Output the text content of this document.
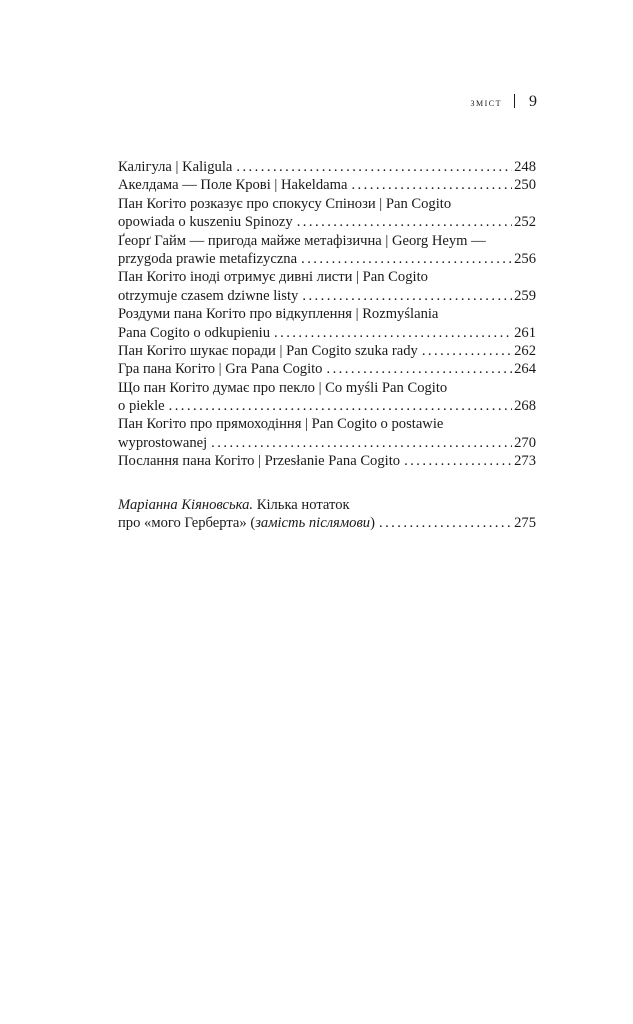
зміст 9
Калігула | Kaligula . . .	248
Акелдама — Поле Крові | Hakeldama . . .	250
Пан Когіто розказує про спокусу Спінози | Pan Cogito
opowiada o kuszeniu Spinozy . . .	252
Ґеорґ Гайм — пригода майже метафізична | Georg Heym —
przygoda prawie metafizyczna . . .	256
Пан Когіто іноді отримує дивні листи | Pan Cogito
otrzymuje czasem dziwne listy . . .	259
Роздуми пана Когіто про відкуплення | Rozmyślania
Pana Cogito o odkupieniu . . .	261
Пан Когіто шукає поради | Pan Cogito szuka rady . . .	262
Гра пана Когіто | Gra Pana Cogito . . .	264
Що пан Когіто думає про пекло | Co myśli Pan Cogito
o piekle . . .	268
Пан Когіто про прямоходіння | Pan Cogito o postawie
wyprostowanej . . .	270
Послання пана Когіто | Przesłanie Pana Cogito . . .	273
Маріанна Кіяновська. Кілька нотаток
про «мого Герберта» (замість післямови) . . .	275
